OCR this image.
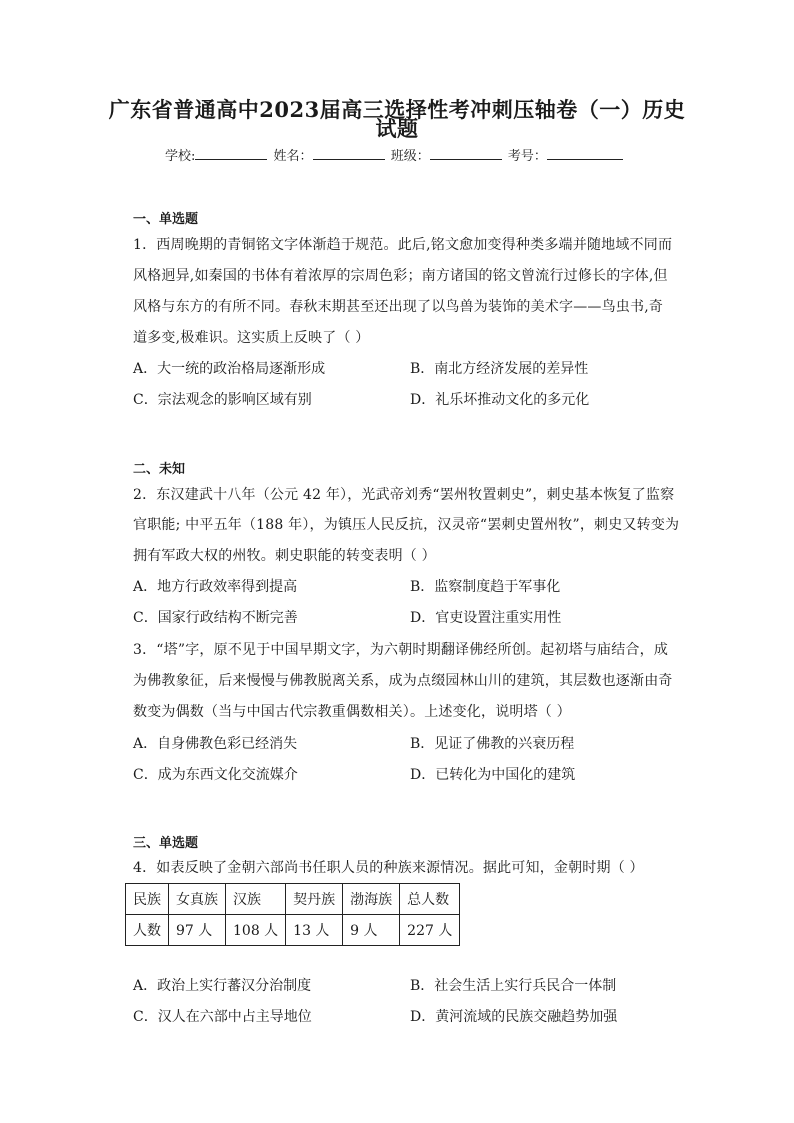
广东省普通高中2023届高三选择性考冲刺压轴卷（一）历史
试题
学校:	姓名：	班级：	考号：
一、单选题
1．西周晚期的青铜铭文字体渐趋于规范。此后,铭文愈加变得种类多端并随地域不同而
风格迥异,如秦国的书体有着浓厚的宗周色彩；南方诸国的铭文曾流行过修长的字体,但
风格与东方的有所不同。春秋末期甚至还出现了以鸟兽为装饰的美术字——鸟虫书,奇
道多变,极难识。这实质上反映了（ ）
A．大一统的政治格局逐渐形成	B．南北方经济发展的差异性
C．宗法观念的影响区域有别	D．礼乐坏推动文化的多元化
二、未知
2．东汉建武十八年（公元 42 年），光武帝刘秀“罢州牧置刺史”，刺史基本恢复了监察
官职能; 中平五年（188 年），为镇压人民反抗，汉灵帝“罢刺史置州牧”，刺史又转变为
拥有军政大权的州牧。刺史职能的转变表明（ ）
A．地方行政效率得到提高	B．监察制度趋于军事化
C．国家行政结构不断完善	D．官吏设置注重实用性
3．“塔”字，原不见于中国早期文字，为六朝时期翻译佛经所创。起初塔与庙结合，成
为佛教象征，后来慢慢与佛教脱离关系，成为点缀园林山川的建筑，其层数也逐渐由奇
数变为偶数（当与中国古代宗教重偶数相关）。上述变化，说明塔（ ）
A．自身佛教色彩已经消失	B．见证了佛教的兴衰历程
C．成为东西文化交流媒介	D．已转化为中国化的建筑
三、单选题
4．如表反映了金朝六部尚书任职人员的种族来源情况。据此可知，金朝时期（ ）
民族	女真族	汉族	契丹族	渤海族	总人数
人数	97 人	108 人	13 人	9 人	227 人
A．政治上实行蕃汉分治制度	B．社会生活上实行兵民合一体制
C．汉人在六部中占主导地位	D．黄河流域的民族交融趋势加强
